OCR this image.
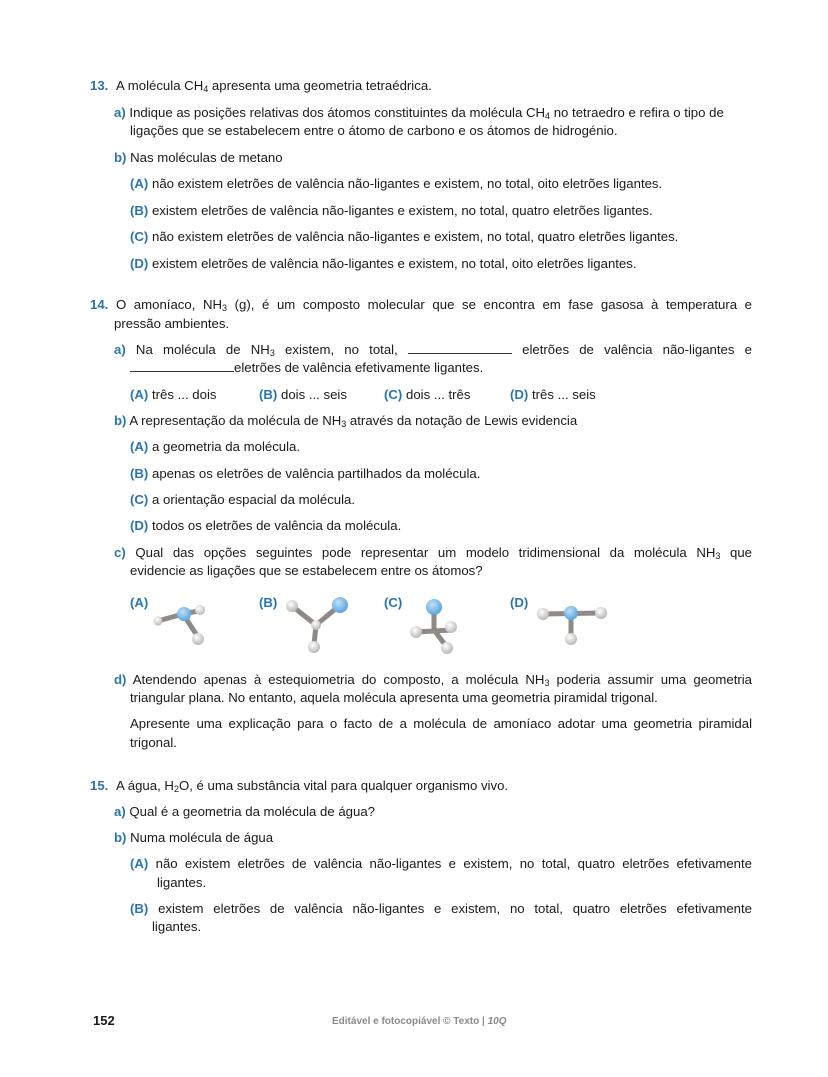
13. A molécula $CH_4$ apresenta uma geometria tetraédrica.
a) Indique as posições relativas dos átomos constituintes da molécula $CH_4$ no tetraedro e refira o tipo de
ligações que se estabelecem entre o átomo de carbono e os átomos de hidrogénio.
b) Nas moléculas de metano
(A) não existem eletrões de valência não-ligantes e existem, no total, oito eletrões ligantes.
(B) existem eletrões de valência não-ligantes e existem, no total, quatro eletrões ligantes.
(C) não existem eletrões de valência não-ligantes e existem, no total, quatro eletrões ligantes.
(D) existem eletrões de valência não-ligantes e existem, no total, oito eletrões ligantes.
14. O amoníaco, $NH_3$ (g), é um composto molecular que se encontra em fase gasosa à temperatura e
pressão ambientes.
a) Na molécula de $NH_3$ existem, no total,	eletrões de valência não-ligantes e
eletrões de valência efetivamente ligantes.
(A) três ... dois	(B) dois ... seis	(C) dois ... três	(D) três ... seis
b) A representação da molécula de $NH_3$ através da notação de Lewis evidencia
(A) a geometria da molécula.
(B) apenas os eletrões de valência partilhados da molécula.
(C) a orientação espacial da molécula.
(D) todos os eletrões de valência da molécula.
c) Qual das opções seguintes pode representar um modelo tridimensional da molécula $NH_3$ que
evidencie as ligações que se estabelecem entre os átomos?
(A)	(B)	(C)	(D)
d) Atendendo apenas à estequiometria do composto, a molécula $NH_3$ poderia assumir uma geometria
triangular plana. No entanto, aquela molécula apresenta uma geometria piramidal trigonal.
Apresente uma explicação para o facto de a molécula de amoníaco adotar uma geometria piramidal
trigonal.
15. A água, $H_2O$, é uma substância vital para qualquer organismo vivo.
a) Qual é a geometria da molécula de água?
b) Numa molécula de água
(A) não existem eletrões de valência não-ligantes e existem, no total, quatro eletrões efetivamente
ligantes.
(B) existem eletrões de valência não-ligantes e existem, no total, quatro eletrões efetivamente
ligantes.
152	Editável e fotocopiável © Texto | 10Q
